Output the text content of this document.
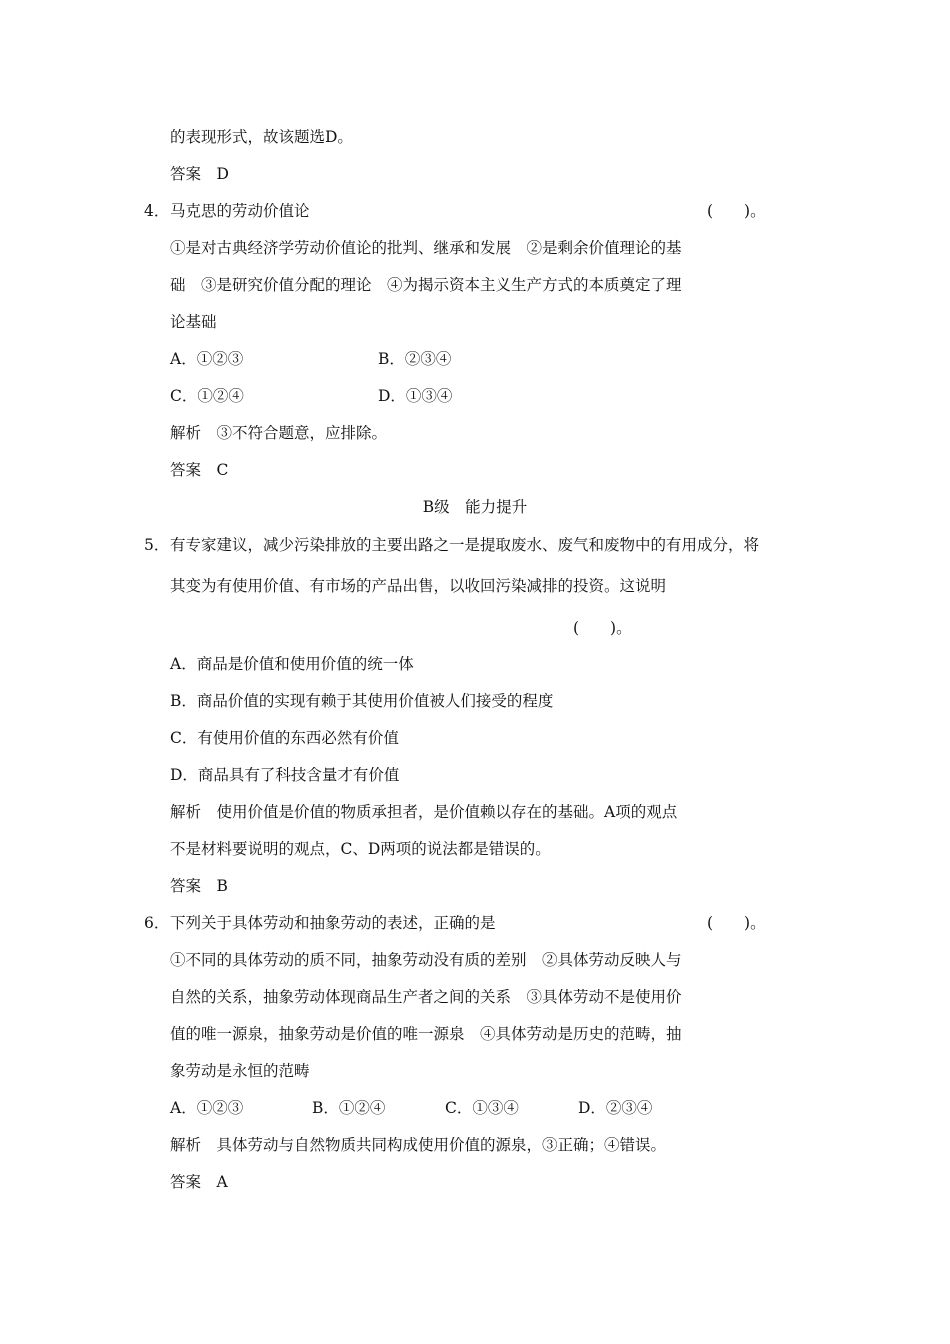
的表现形式，故该题选D。
答案　D
4． 马克思的劳动价值论	(　　)。
①是对古典经济学劳动价值论的批判、继承和发展　②是剩余价值理论的基
础　③是研究价值分配的理论　④为揭示资本主义生产方式的本质奠定了理
论基础
A．①②③	B．②③④
C．①②④	D．①③④
解析　③不符合题意，应排除。
答案　C
B级　能力提升
5． 有专家建议，减少污染排放的主要出路之一是提取废水、废气和废物中的有用成分，将
其变为有使用价值、有市场的产品出售，以收回污染减排的投资。这说明
(　　)。
A．商品是价值和使用价值的统一体
B．商品价值的实现有赖于其使用价值被人们接受的程度
C．有使用价值的东西必然有价值
D．商品具有了科技含量才有价值
解析　使用价值是价值的物质承担者，是价值赖以存在的基础。A项的观点
不是材料要说明的观点，C、D两项的说法都是错误的。
答案　B
6． 下列关于具体劳动和抽象劳动的表述，正确的是	(　　)。
①不同的具体劳动的质不同，抽象劳动没有质的差别　②具体劳动反映人与
自然的关系，抽象劳动体现商品生产者之间的关系　③具体劳动不是使用价
值的唯一源泉，抽象劳动是价值的唯一源泉　④具体劳动是历史的范畴，抽
象劳动是永恒的范畴
A．①②③	B．①②④	C．①③④	D．②③④
解析　具体劳动与自然物质共同构成使用价值的源泉，③正确；④错误。
答案　A
